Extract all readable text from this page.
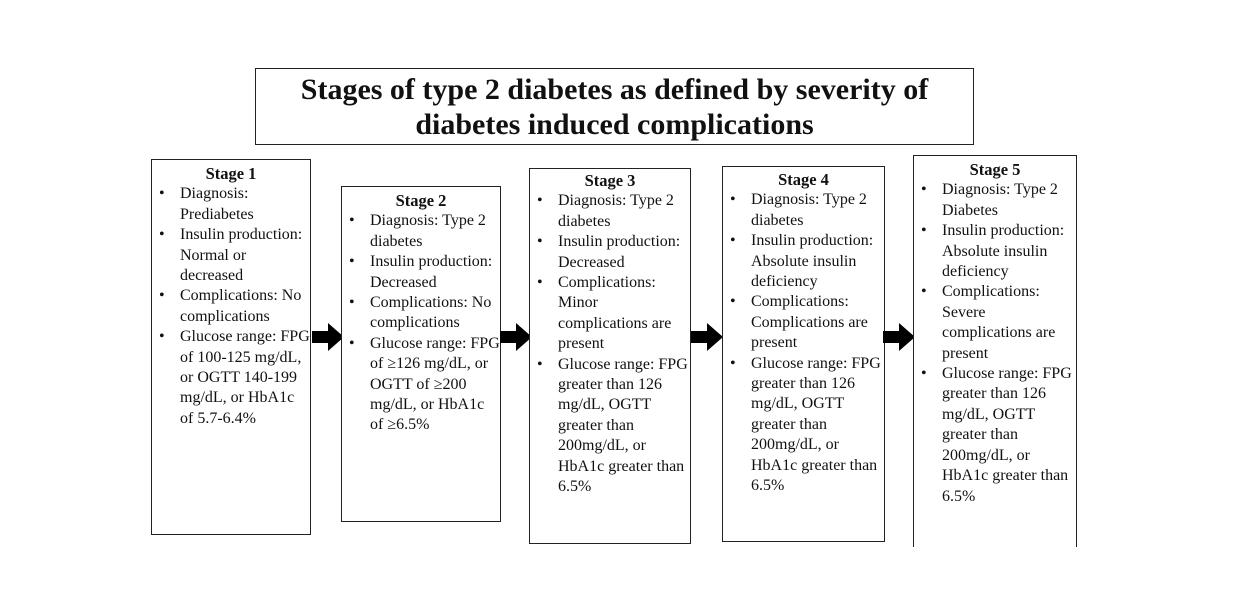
Stages of type 2 diabetes as defined by severity of diabetes induced complications
Stage 1
• Diagnosis: Prediabetes
• Insulin production: Normal or decreased
• Complications: No complications
• Glucose range: FPG of 100-125 mg/dL, or OGTT 140-199 mg/dL, or HbA1c of 5.7-6.4%
Stage 2
• Diagnosis: Type 2 diabetes
• Insulin production: Decreased
• Complications: No complications
• Glucose range: FPG of ≥126 mg/dL, or OGTT of ≥200 mg/dL, or HbA1c of ≥6.5%
Stage 3
• Diagnosis: Type 2 diabetes
• Insulin production: Decreased
• Complications: Minor complications are present
• Glucose range: FPG greater than 126 mg/dL, OGTT greater than 200mg/dL, or HbA1c greater than 6.5%
Stage 4
• Diagnosis: Type 2 diabetes
• Insulin production: Absolute insulin deficiency
• Complications: Complications are present
• Glucose range: FPG greater than 126 mg/dL, OGTT greater than 200mg/dL, or HbA1c greater than 6.5%
Stage 5
• Diagnosis: Type 2 Diabetes
• Insulin production: Absolute insulin deficiency
• Complications: Severe complications are present
• Glucose range: FPG greater than 126 mg/dL, OGTT greater than 200mg/dL, or HbA1c greater than 6.5%
